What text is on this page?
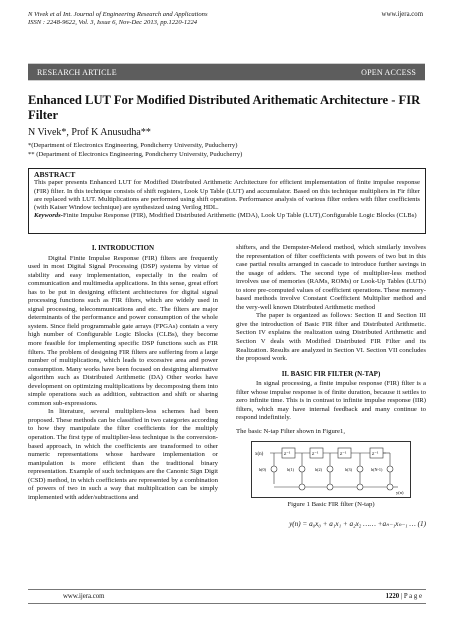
N Vivek et al Int. Journal of Engineering Research and Applications
ISSN : 2248-9622, Vol. 3, Issue 6, Nov-Dec 2013, pp.1220-1224
www.ijera.com
RESEARCH ARTICLE	OPEN ACCESS
Enhanced LUT For Modified Distributed Arithematic Architecture - FIR Filter
N Vivek*, Prof K Anusudha**
*(Department of Electronics Engineering, Pondicherry University, Puducherry)
** (Department of Electronics Engineering, Pondicherry University, Puducherry)
ABSTRACT
This paper presents Enhanced LUT for Modified Distributed Arithmetic Architecture for efficient implementation of finite impulse response (FIR) filter. In this technique consists of shift registers, Look Up Table (LUT) and accumulator. Based on this technique multipliers in Fir filter are replaced with LUT. Multiplications are performed using shift operation. Performance analysis of various filter orders with filter coefficients (with Kaiser Window technique) are synthesized using Verilog HDL.
Keywords-Finite Impulse Response (FIR), Modified Distributed Arithmetic (MDA), Look Up Table (LUT),Configurable Logic Blocks (CLBs)
I. INTRODUCTION

Digital Finite Impulse Response (FIR) filters are frequently used in most Digital Signal Processing (DSP) systems by virtue of stability and easy implementation, especially in the realm of communication and multimedia applications. In this sense, great effort has to be put in designing efficient architectures for digital signal processing functions such as FIR filters, which are widely used in signal processing, telecommunications and etc. The filters are major determinants of the performance and power consumption of the whole system. Since field programmable gate arrays (FPGAs) contain a very high number of Configurable Logic Blocks (CLBs), they become more feasible for implementing specific DSP functions such as FIR filters. The problem of designing FIR filters are suffering from a large number of multiplications, which leads to excessive area and power consumption. Many works have been focused on designing alternative algorithm such as Distributed Arithmetic (DA) Other works have development on optimizing multiplications by decomposing them into simple operations such as addition, subtraction and shift or sharing common sub-expressions.

In literature, several multipliers-less schemes had been proposed. These methods can be classified in two categories according to how they manipulate the filter coefficients for the multiply operation. The first type of multiplier-less technique is the conversion-based approach, in which the coefficients are transformed to other numeric representations whose hardware implementation or manipulation is more efficient than the traditional binary representation. Example of such techniques are the Canonic Sign Digit (CSD) method, in which coefficients are represented by a combination of powers of two in such a way that multiplication can be simply implemented with adder/subtractions and

shifters, and the Dempster-Meleod method, which similarly involves the representation of filter coefficients with powers of two but in this case partial results arranged in cascade to introduce further savings in the usage of adders. The second type of multiplier-less method involves use of memories (RAMs, ROMs) or Look-Up Tables (LUTs) to store pre-computed values of coefficient operations. These memory-based methods involve Constant Coefficient Multiplier method and the very-well known Distributed Arithmetic method

The paper is organized as follows: Section II and Section III give the introduction of Basic FIR filter and Distributed Arithmetic. Section IV explains the realization using Distributed Arithmetic and Section V deals with Modified Distributed FIR Filter and its Realization. Results are analyzed in Section VI. Section VII concludes the proposed work.

II. BASIC FIR FILTER (N-TAP)

In signal processing, a finite impulse response (FIR) filter is a filter whose impulse response is of finite duration, because it settles to zero infinite time. This is in contrast to infinite impulse response (IIR) filters, which may have internal feedback and many continue to respond indefinitely.

The basic N-tap Filter shown in Figure1,

x(n)	z⁻¹	z⁻¹	z⁻¹	z⁻¹
h(0)	h(1)	h(2)	h(3)	h(N-1)
y(n)
Figure 1 Basic FIR filter (N-tap)
y(n) = a₀x₀ + a₁x₁ + a₂x₂ …… +aₙ₋₁xₙ₋₁ … (1)
www.ijera.com	1220 | P a g e
